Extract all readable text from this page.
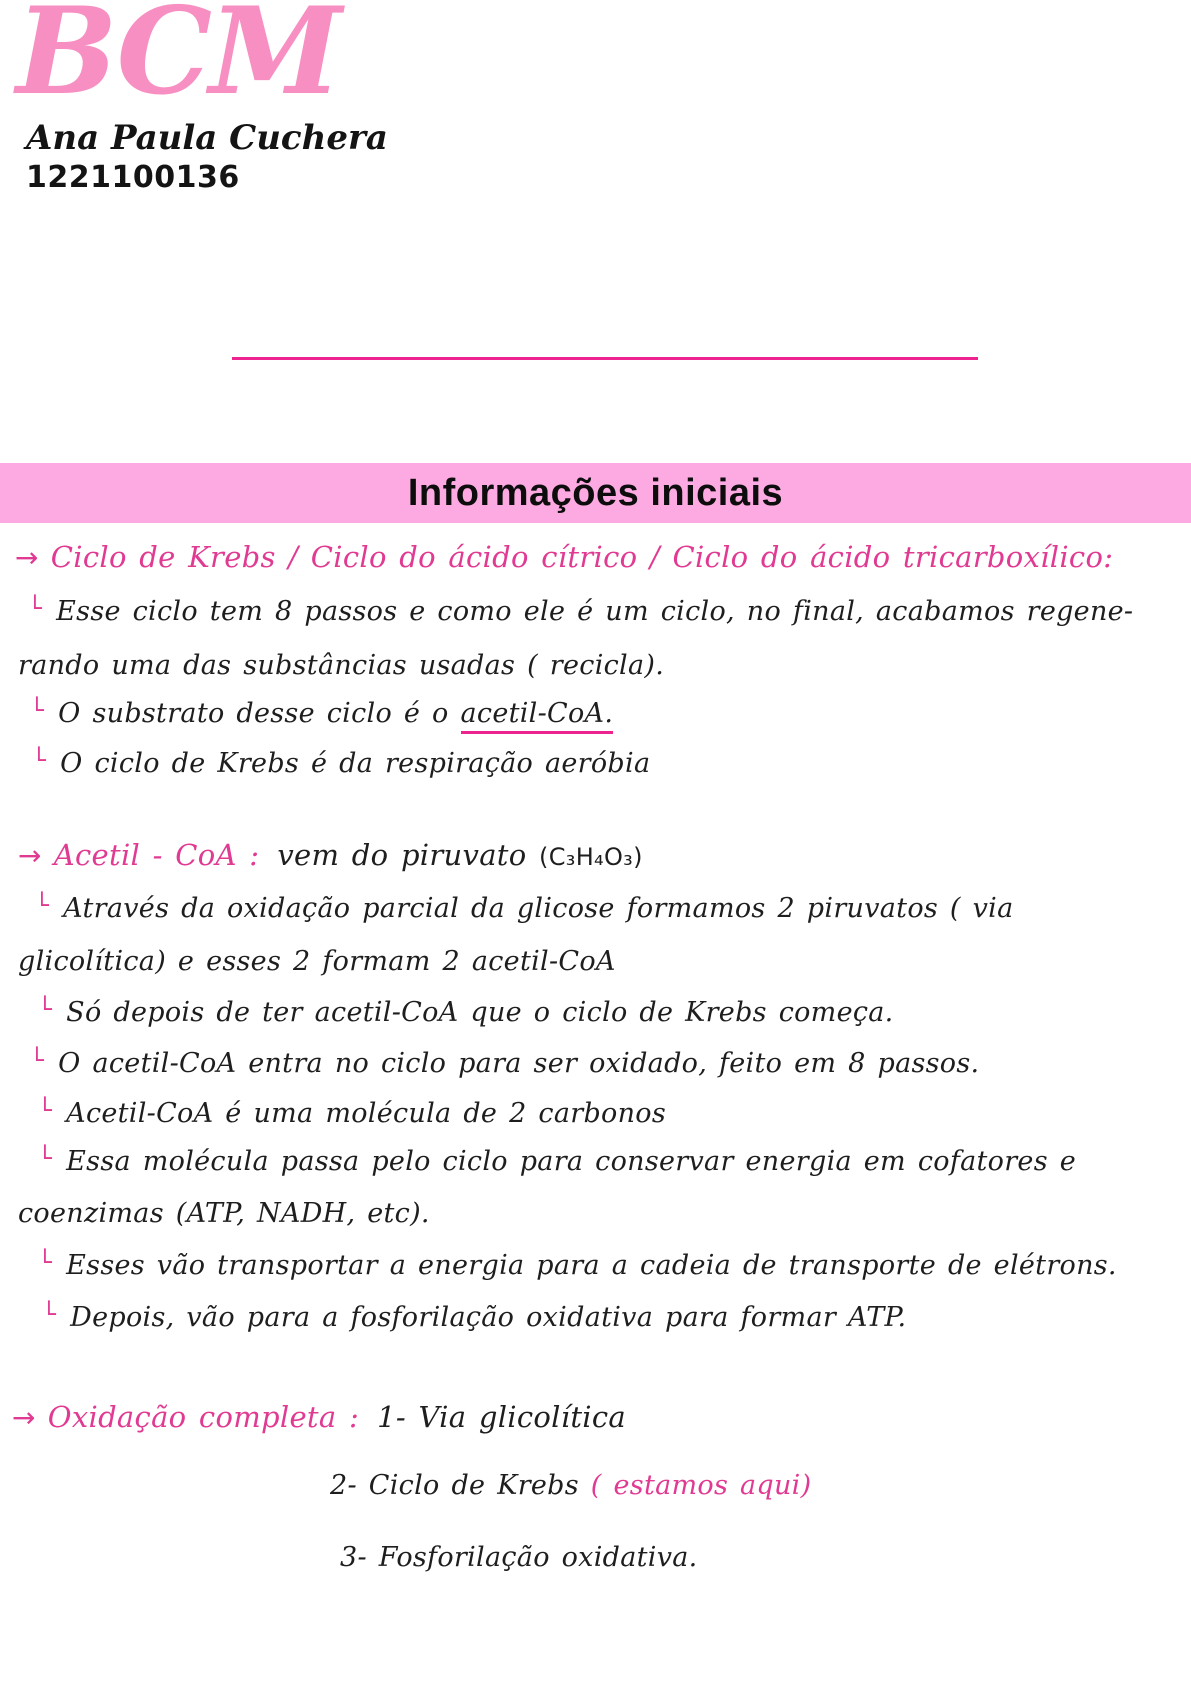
BCM
Ana Paula Cuchera
1221100136
Informações iniciais
→ Ciclo de Krebs / Ciclo do ácido cítrico / Ciclo do ácido tricarboxílico:
└ Esse ciclo tem 8 passos e como ele é um ciclo, no final, acabamos regene-
rando uma das substâncias usadas ( recicla).
└ O substrato desse ciclo é o acetil-CoA.
└ O ciclo de Krebs é da respiração aeróbia
→ Acetil - CoA : vem do piruvato (C₃H₄O₃)
└ Através da oxidação parcial da glicose formamos 2 piruvatos ( via
glicolítica) e esses 2 formam 2 acetil-CoA
└ Só depois de ter acetil-CoA que o ciclo de Krebs começa.
└ O acetil-CoA entra no ciclo para ser oxidado, feito em 8 passos.
└ Acetil-CoA é uma molécula de 2 carbonos
└ Essa molécula passa pelo ciclo para conservar energia em cofatores e
coenzimas (ATP, NADH, etc).
└ Esses vão transportar a energia para a cadeia de transporte de elétrons.
└ Depois, vão para a fosforilação oxidativa para formar ATP.
→ Oxidação completa : 1- Via glicolítica
2- Ciclo de Krebs ( estamos aqui)
3- Fosforilação oxidativa.
